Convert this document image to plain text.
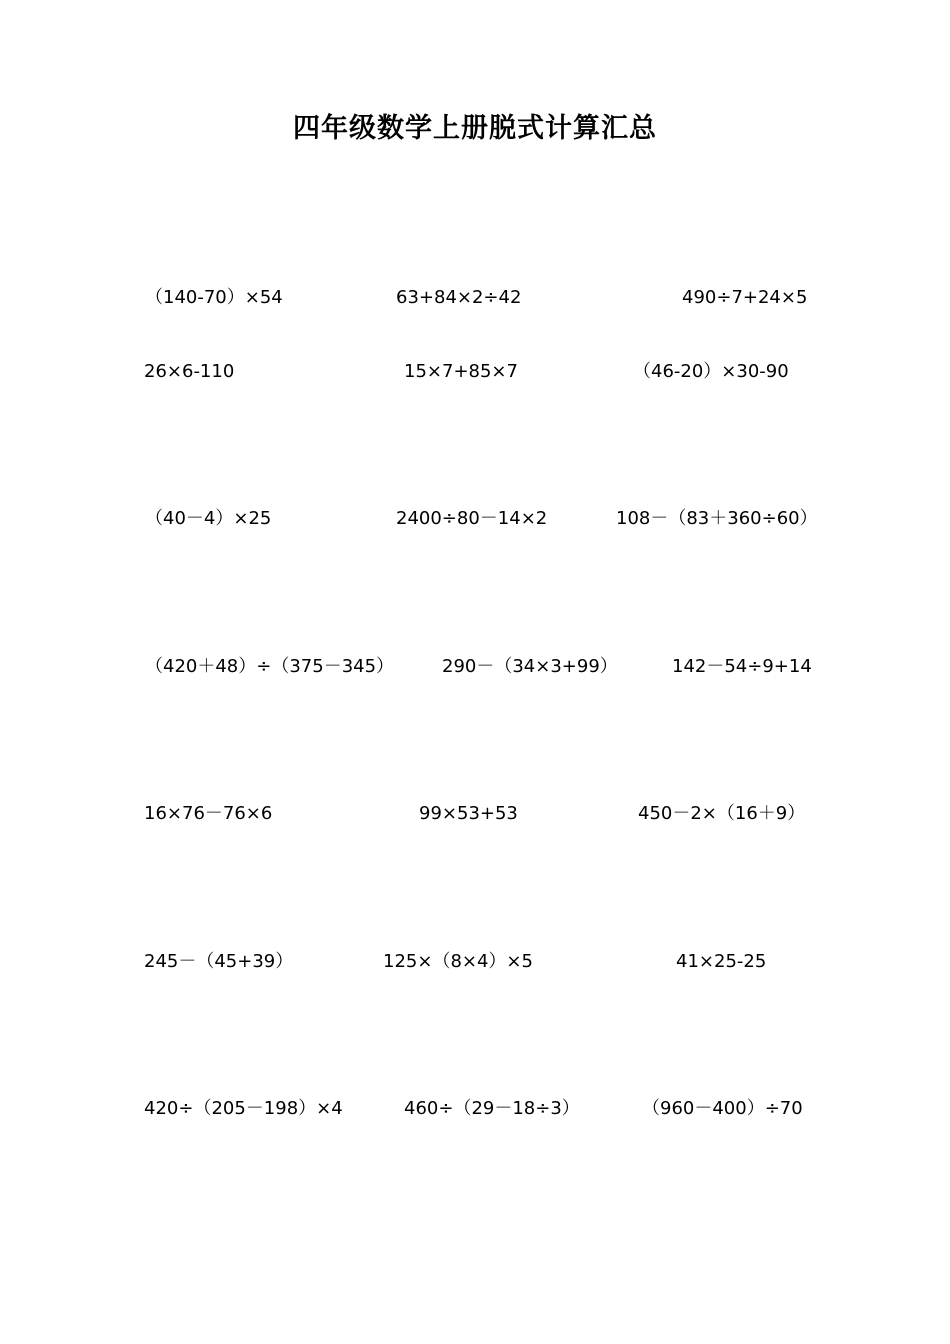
四年级数学上册脱式计算汇总
（140-70）×54	63+84×2÷42	490÷7+24×5
26×6-110	15×7+85×7	（46-20）×30-90
（40－4）×25	2400÷80－14×2	108－（83＋360÷60）
（420＋48）÷（375－345）	290－（34×3+99）	142－54÷9+14
16×76－76×6	99×53+53	450－2×（16＋9）
245－（45+39）	125×（8×4）×5	41×25-25
420÷（205－198）×4	460÷（29－18÷3）	（960－400）÷70
